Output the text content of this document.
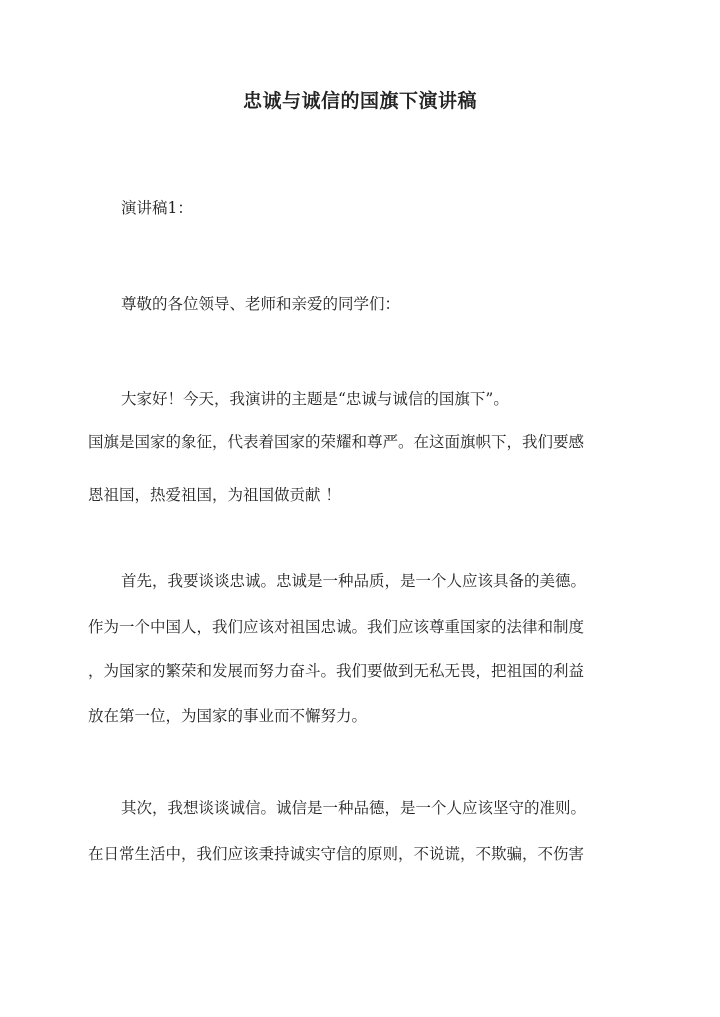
忠诚与诚信的国旗下演讲稿
演讲稿1：
尊敬的各位领导、老师和亲爱的同学们：
大家好！今天，我演讲的主题是“忠诚与诚信的国旗下”。
国旗是国家的象征，代表着国家的荣耀和尊严。在这面旗帜下，我们要感
恩祖国，热爱祖国，为祖国做贡献 ！
首先，我要谈谈忠诚。忠诚是一种品质，是一个人应该具备的美德。
作为一个中国人，我们应该对祖国忠诚。我们应该尊重国家的法律和制度
，为国家的繁荣和发展而努力奋斗。我们要做到无私无畏，把祖国的利益
放在第一位，为国家的事业而不懈努力。
其次，我想谈谈诚信。诚信是一种品德，是一个人应该坚守的准则。
在日常生活中，我们应该秉持诚实守信的原则，不说谎，不欺骗，不伤害
